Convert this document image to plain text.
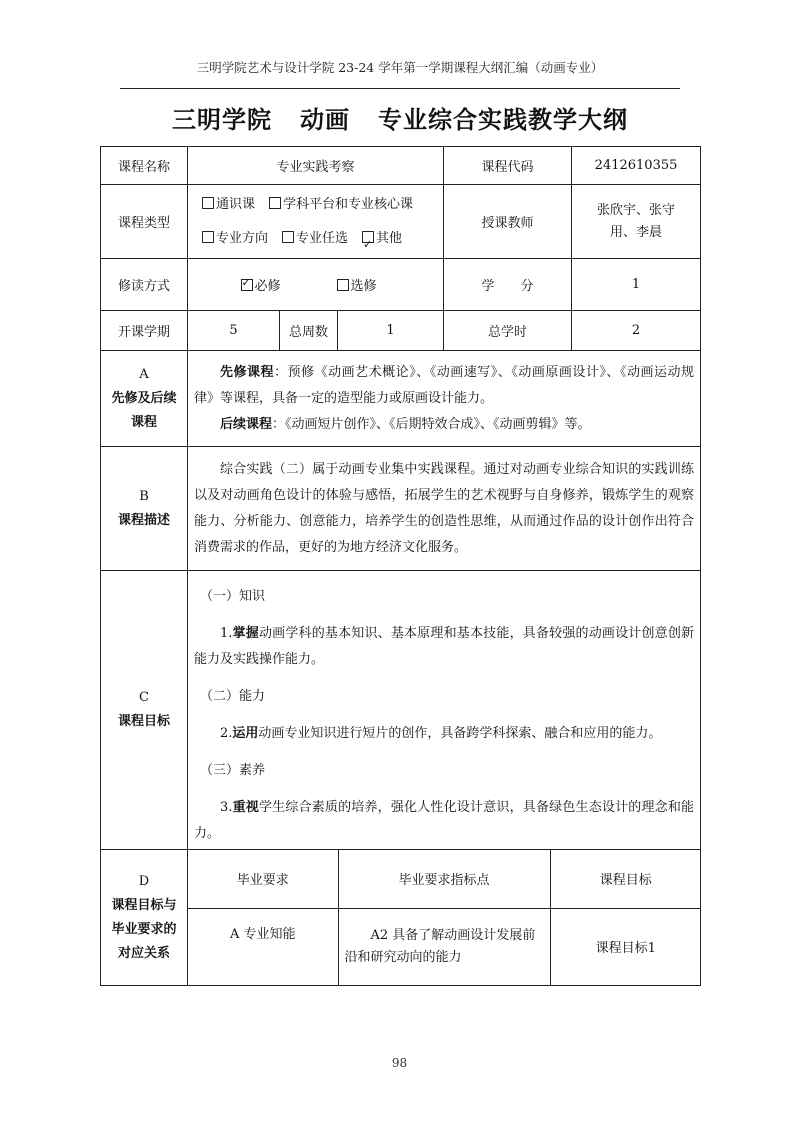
三明学院艺术与设计学院 23-24 学年第一学期课程大纲汇编（动画专业）
三明学院 动画 专业综合实践教学大纲
课程名称	专业实践考察	课程代码	2412610355
课程类型	
通识课 学科平台和专业核心课
专业方向 专业任选✓ 其他
	授课教师	张欣宇、张守用、李晨
修读方式	✓必修	选修	学　　分	1
开课学期	5	总周数	1	总学时	2

A
先修及后续课程

先修课程：预修《动画艺术概论》、《动画速写》、《动画原画设计》、《动画运动规律》等课程，具备一定的造型能力或原画设计能力。

后续课程：《动画短片创作》、《后期特效合成》、《动画剪辑》等。

B
课程描述

综合实践（二）属于动画专业集中实践课程。通过对动画专业综合知识的实践训练以及对动画角色设计的体验与感悟，拓展学生的艺术视野与自身修养，锻炼学生的观察能力、分析能力、创意能力，培养学生的创造性思维，从而通过作品的设计创作出符合消费需求的作品，更好的为地方经济文化服务。

C
课程目标

（一）知识

1.掌握动画学科的基本知识、基本原理和基本技能，具备较强的动画设计创意创新能力及实践操作能力。

（二）能力

2.运用动画专业知识进行短片的创作，具备跨学科探索、融合和应用的能力。

（三）素养

3.重视学生综合素质的培养，强化人性化设计意识，具备绿色生态设计的理念和能力。

D
课程目标与毕业要求的对应关系

毕业要求	毕业要求指标点	课程目标
A 专业知能	A2 具备了解动画设计发展前沿和研究动向的能力	课程目标1
98
